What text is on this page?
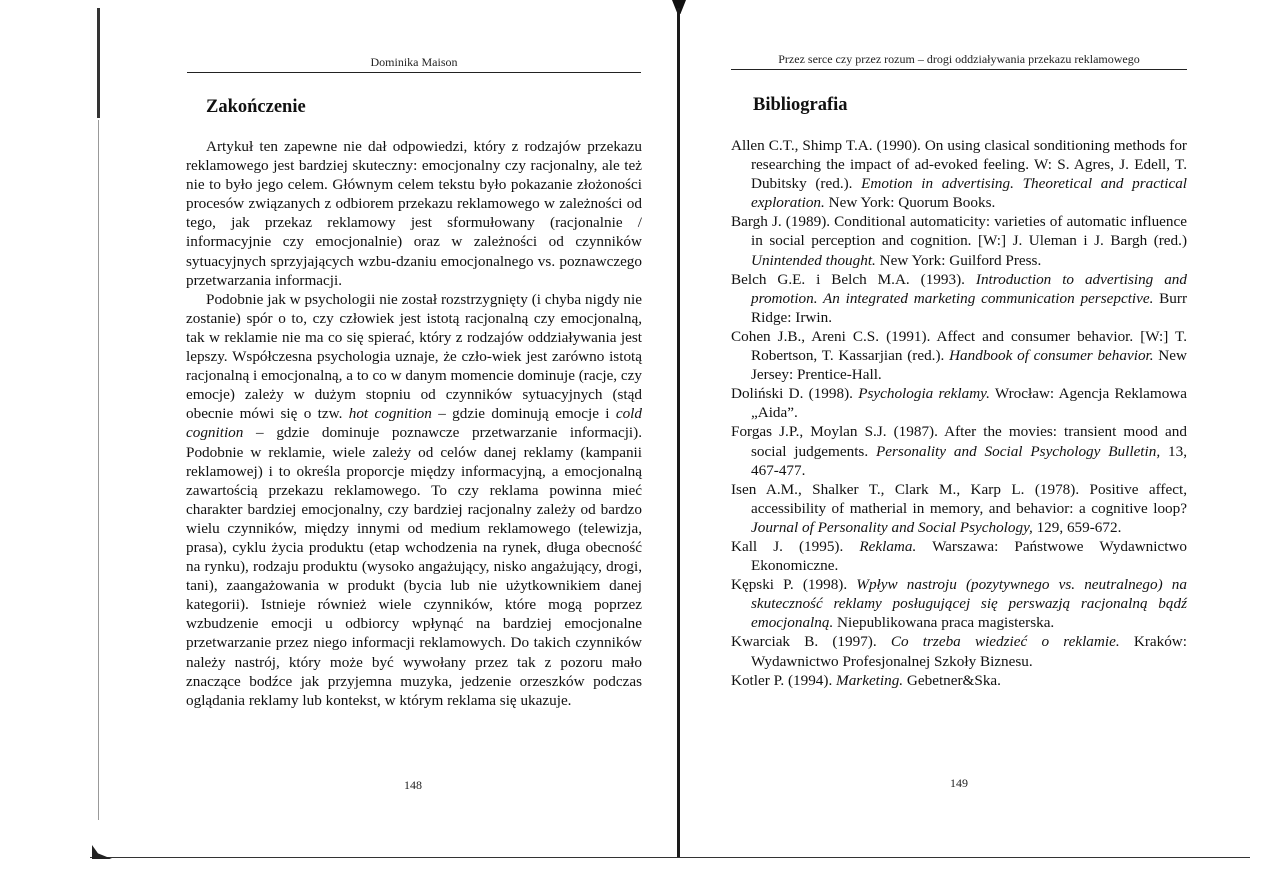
Dominika Maison
Zakończenie

Artykuł ten zapewne nie dał odpowiedzi, który z rodzajów przekazu reklamowego jest bardziej skuteczny: emocjonalny czy racjonalny, ale też nie to było jego celem. Głównym celem tekstu było pokazanie złożoności procesów związanych z odbiorem przekazu reklamowego w zależności od tego, jak przekaz reklamowy jest sformułowany (racjonalnie / informacyjnie czy emocjonalnie) oraz w zależności od czynników sytuacyjnych sprzyjających wzbu-dzaniu emocjonalnego vs. poznawczego przetwarzania informacji.

Podobnie jak w psychologii nie został rozstrzygnięty (i chyba nigdy nie zostanie) spór o to, czy człowiek jest istotą racjonalną czy emocjonalną, tak w reklamie nie ma co się spierać, który z rodzajów oddziaływania jest lepszy. Współczesna psychologia uznaje, że czło-wiek jest zarówno istotą racjonalną i emocjonalną, a to co w danym momencie dominuje (racje, czy emocje) zależy w dużym stopniu od czynników sytuacyjnych (stąd obecnie mówi się o tzw. hot cognition – gdzie dominują emocje i cold cognition – gdzie dominuje poznawcze przetwarzanie informacji). Podobnie w reklamie, wiele zależy od celów danej reklamy (kampanii reklamowej) i to określa proporcje między informacyjną, a emocjonalną zawartością przekazu reklamowego. To czy reklama powinna mieć charakter bardziej emocjonalny, czy bardziej racjonalny zależy od bardzo wielu czynników, między innymi od medium reklamowego (telewizja, prasa), cyklu życia produktu (etap wchodzenia na rynek, długa obecność na rynku), rodzaju produktu (wysoko angażujący, nisko angażujący, drogi, tani), zaangażowania w produkt (bycia lub nie użytkownikiem danej kategorii). Istnieje również wiele czynników, które mogą poprzez wzbudzenie emocji u odbiorcy wpłynąć na bardziej emocjonalne przetwarzanie przez niego informacji reklamowych. Do takich czynników należy nastrój, który może być wywołany przez tak z pozoru mało znaczące bodźce jak przyjemna muzyka, jedzenie orzeszków podczas oglądania reklamy lub kontekst, w którym reklama się ukazuje.

148
Przez serce czy przez rozum – drogi oddziaływania przekazu reklamowego
Bibliografia

Allen C.T., Shimp T.A. (1990). On using clasical sonditioning methods for researching the impact of ad-evoked feeling. W: S. Agres, J. Edell, T. Dubitsky (red.). Emotion in advertising. Theoretical and practical exploration. New York: Quorum Books.

Bargh J. (1989). Conditional automaticity: varieties of automatic influence in social perception and cognition. [W:] J. Uleman i J. Bargh (red.) Unintended thought. New York: Guilford Press.

Belch G.E. i Belch M.A. (1993). Introduction to advertising and promotion. An integrated marketing communication persepctive. Burr Ridge: Irwin.

Cohen J.B., Areni C.S. (1991). Affect and consumer behavior. [W:] T. Robertson, T. Kassarjian (red.). Handbook of consumer behavior. New Jersey: Prentice-Hall.

Doliński D. (1998). Psychologia reklamy. Wrocław: Agencja Reklamowa „Aida”.

Forgas J.P., Moylan S.J. (1987). After the movies: transient mood and social judgements. Personality and Social Psychology Bulletin, 13, 467-477.

Isen A.M., Shalker T., Clark M., Karp L. (1978). Positive affect, accessibility of matherial in memory, and behavior: a cognitive loop? Journal of Personality and Social Psychology, 129, 659-672.

Kall J. (1995). Reklama. Warszawa: Państwowe Wydawnictwo Ekonomiczne.

Kępski P. (1998). Wpływ nastroju (pozytywnego vs. neutralnego) na skuteczność reklamy posługującej się perswazją racjonalną bądź emocjonalną. Niepublikowana praca magisterska.

Kwarciak B. (1997). Co trzeba wiedzieć o reklamie. Kraków: Wydawnictwo Profesjonalnej Szkoły Biznesu.

Kotler P. (1994). Marketing. Gebetner&Ska.

149
